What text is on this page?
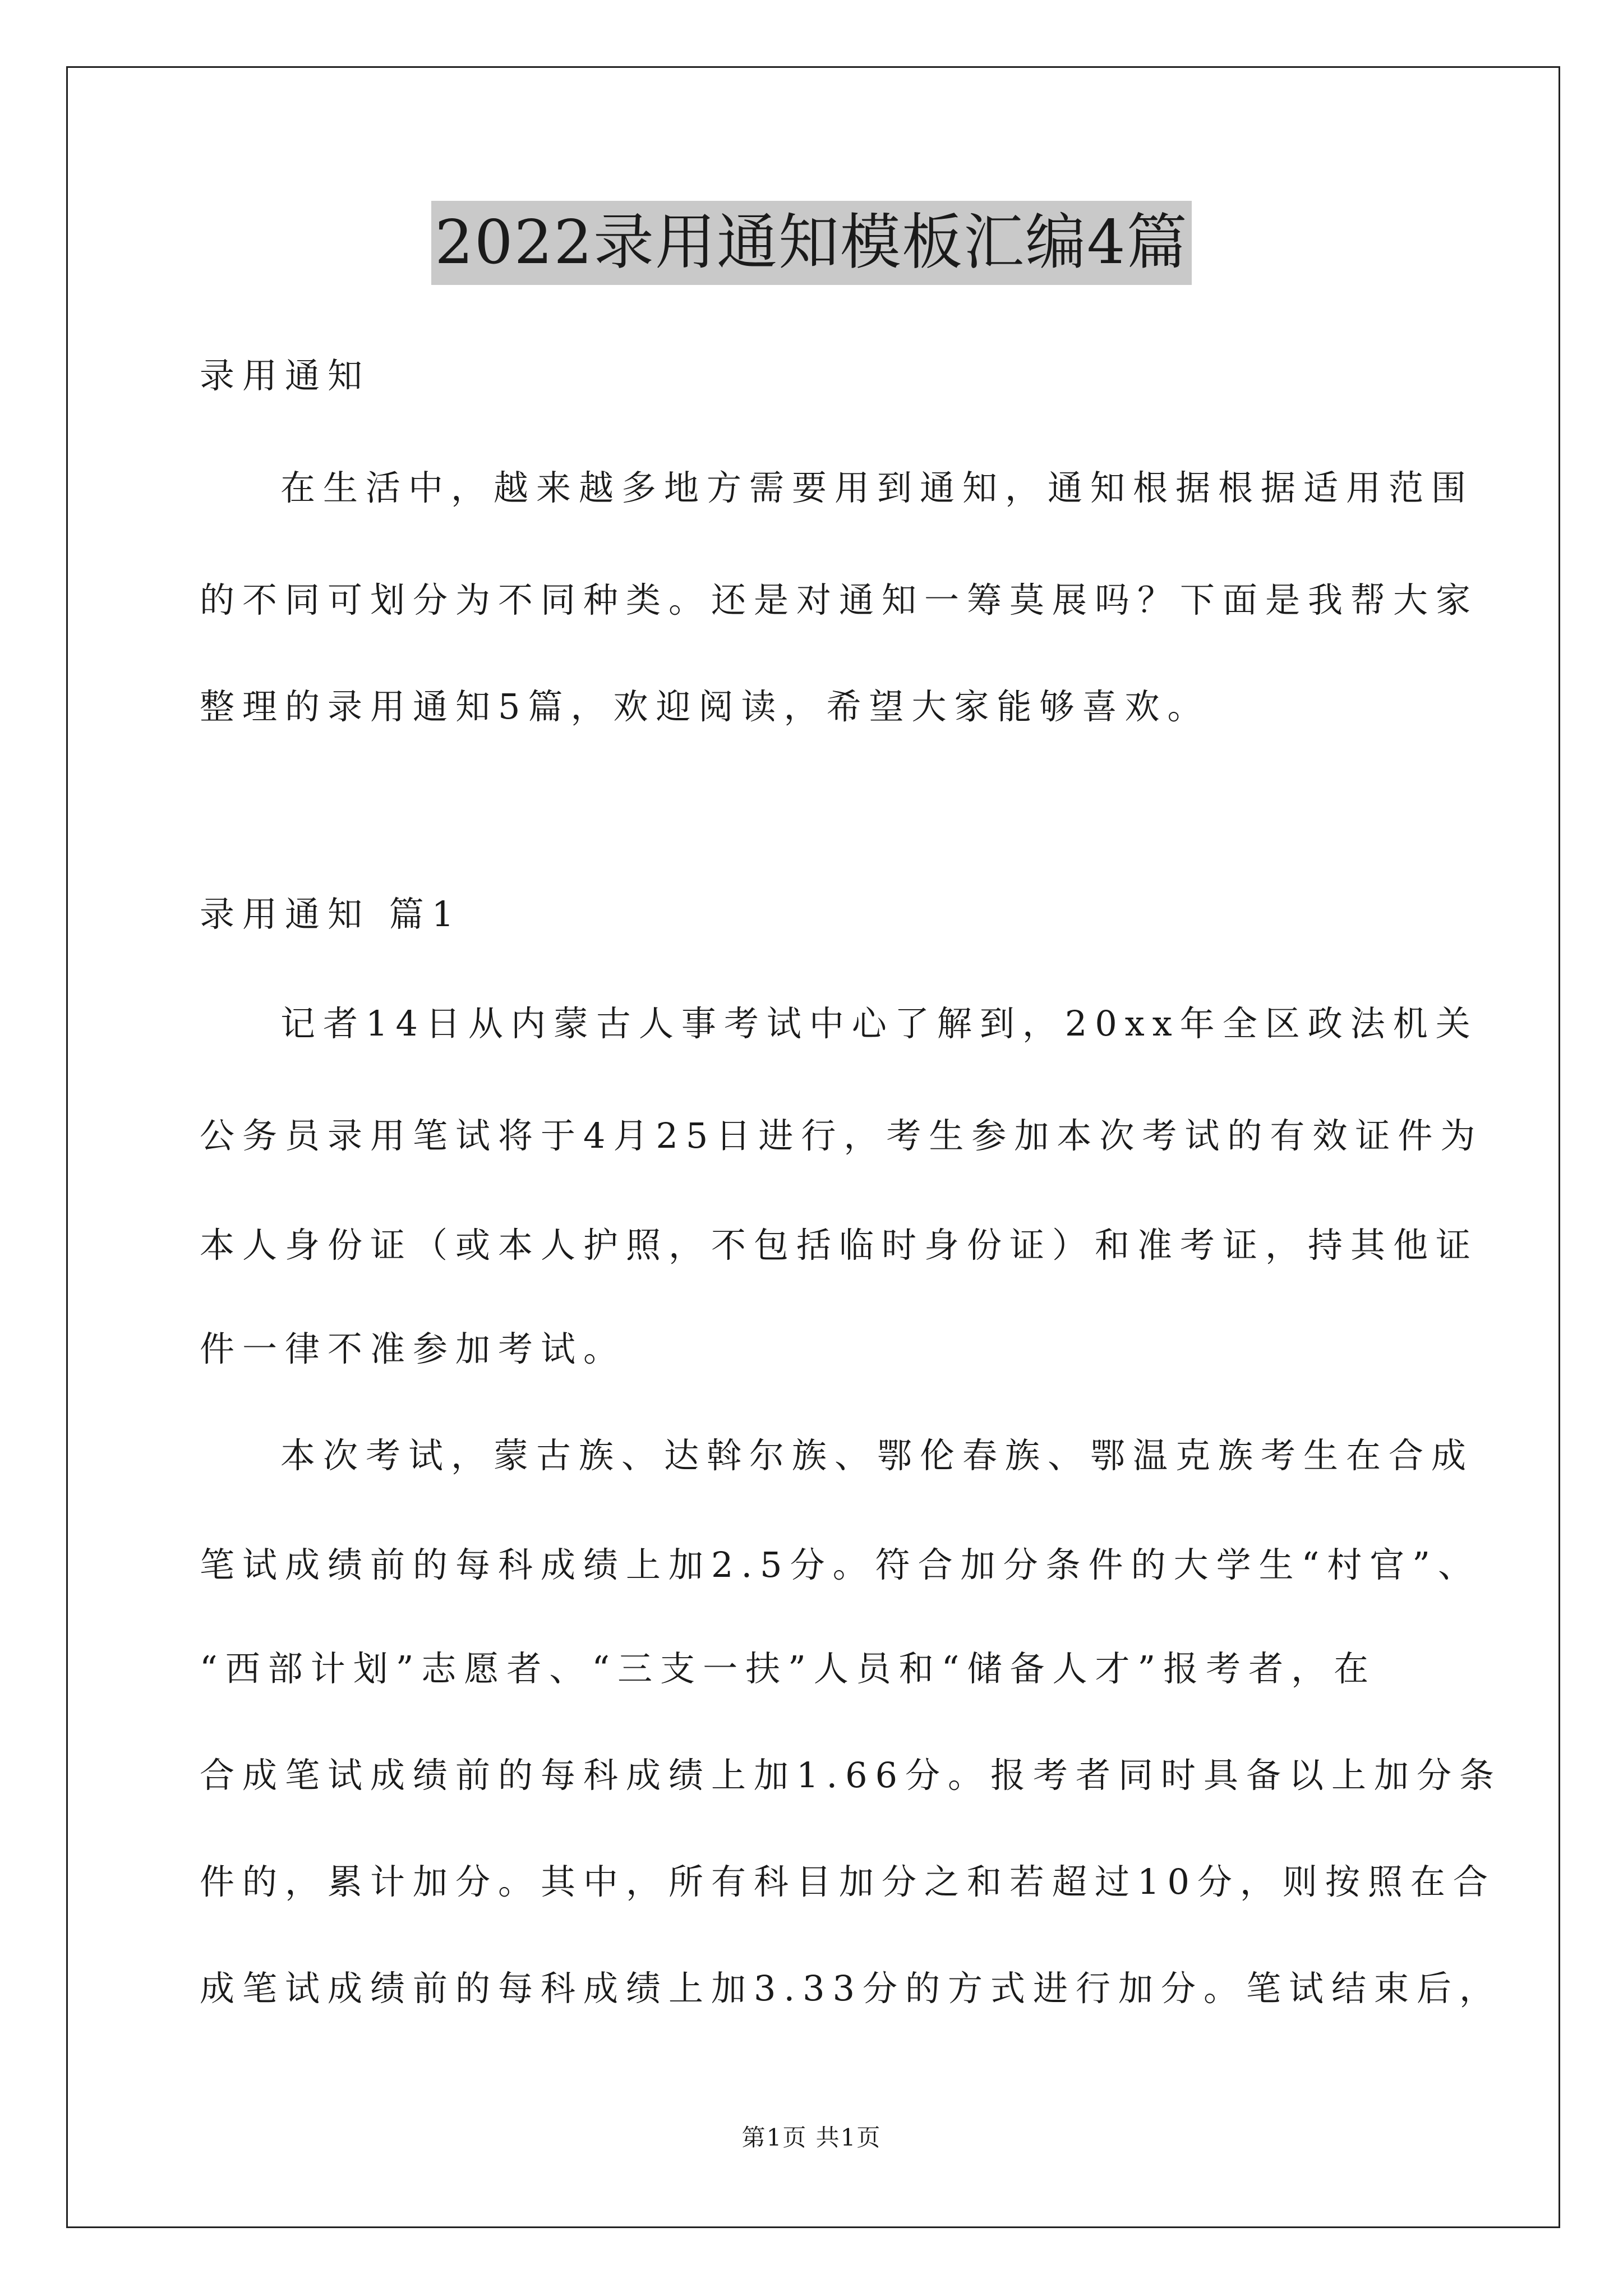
2022录用通知模板汇编4篇
录用通知
在生活中，越来越多地方需要用到通知，通知根据根据适用范围
的不同可划分为不同种类。还是对通知一筹莫展吗？下面是我帮大家
整理的录用通知5篇，欢迎阅读，希望大家能够喜欢。
录用通知 篇1
记者14日从内蒙古人事考试中心了解到，20xx年全区政法机关
公务员录用笔试将于4月25日进行，考生参加本次考试的有效证件为
本人身份证（或本人护照，不包括临时身份证）和准考证，持其他证
件一律不准参加考试。
本次考试，蒙古族、达斡尔族、鄂伦春族、鄂温克族考生在合成
笔试成绩前的每科成绩上加2.5分。符合加分条件的大学生“村官”、
“西部计划”志愿者、“三支一扶”人员和“储备人才”报考者，在
合成笔试成绩前的每科成绩上加1.66分。报考者同时具备以上加分条
件的，累计加分。其中，所有科目加分之和若超过10分，则按照在合
成笔试成绩前的每科成绩上加3.33分的方式进行加分。笔试结束后，
第1页 共1页
